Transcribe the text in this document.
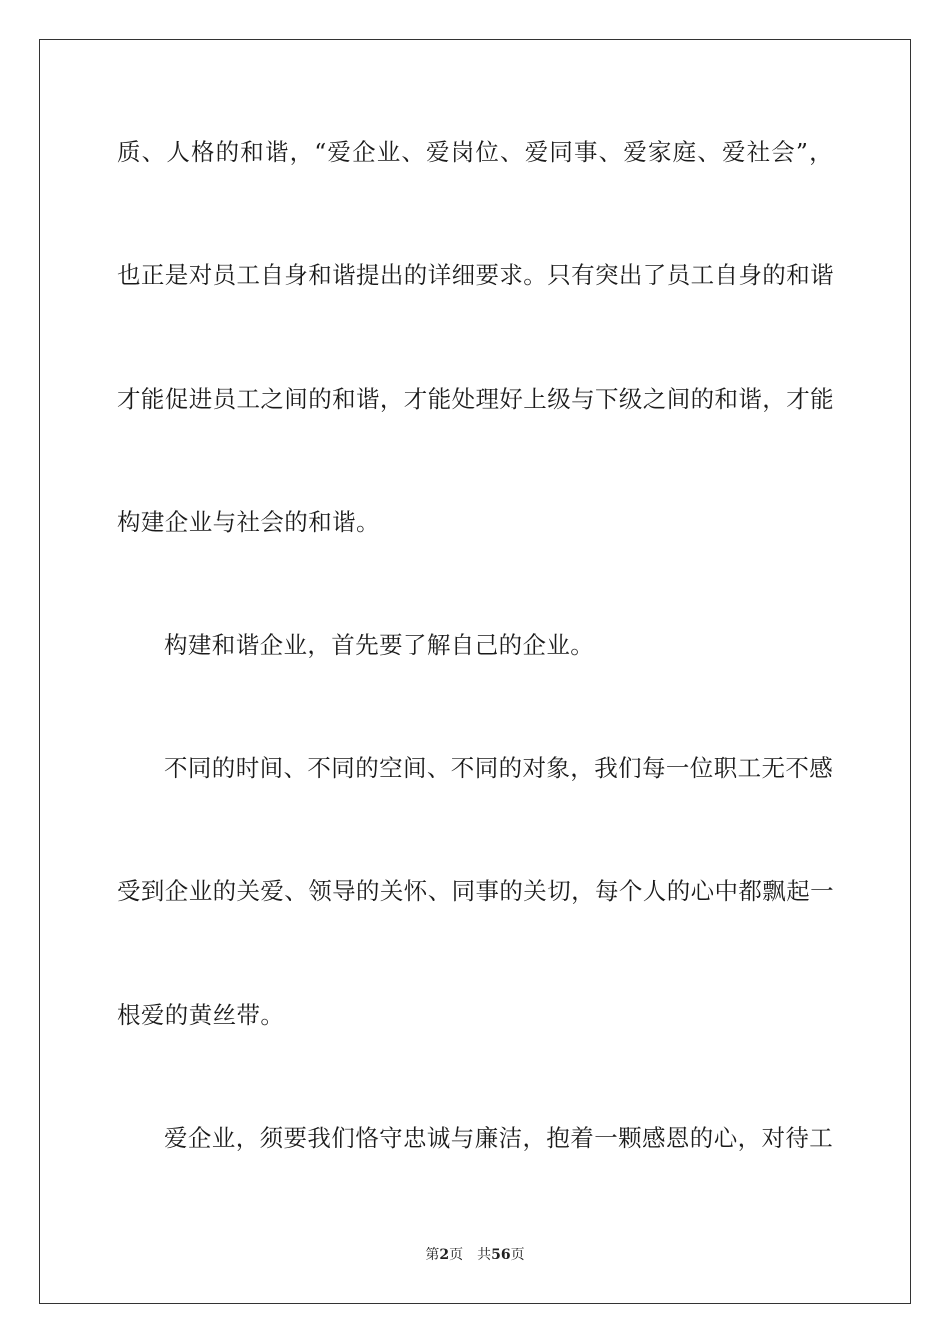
质、人格的和谐，“爱企业、爱岗位、爱同事、爱家庭、爱社会”，
也正是对员工自身和谐提出的详细要求。只有突出了员工自身的和谐
才能促进员工之间的和谐，才能处理好上级与下级之间的和谐，才能
构建企业与社会的和谐。
构建和谐企业，首先要了解自己的企业。
不同的时间、不同的空间、不同的对象，我们每一位职工无不感
受到企业的关爱、领导的关怀、同事的关切，每个人的心中都飘起一
根爱的黄丝带。
爱企业，须要我们恪守忠诚与廉洁，抱着一颗感恩的心，对待工
第2页 共56页
